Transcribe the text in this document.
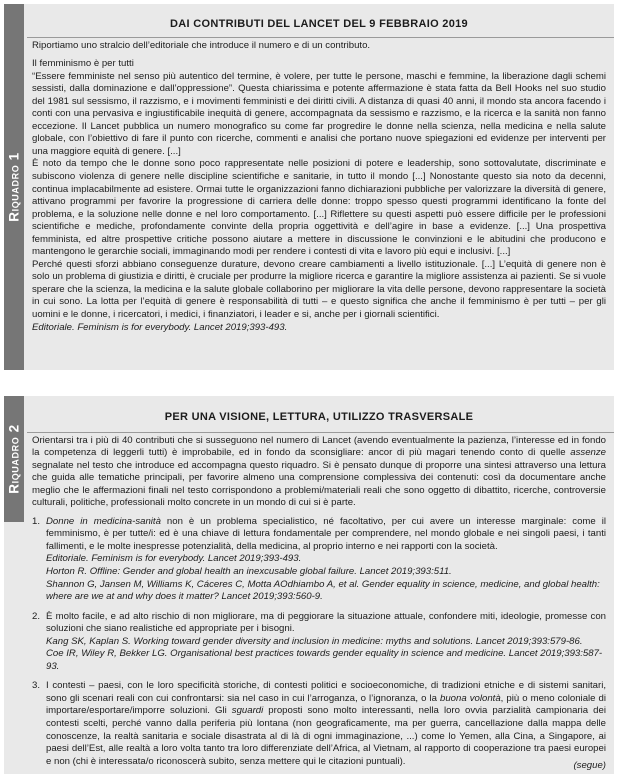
Riquadro 1

DAI CONTRIBUTI DEL LANCET DEL 9 FEBBRAIO 2019

Riportiamo uno stralcio dell’editoriale che introduce il numero e di un contributo.

Il femminismo è per tutti

“Essere femministe nel senso più autentico del termine, è volere, per tutte le persone, maschi e femmine, la liberazione dagli schemi sessisti, dalla dominazione e dall’oppressione”. Questa chiarissima e potente affermazione è stata fatta da Bell Hooks nel suo studio del 1981 sul sessismo, il razzismo, e i movimenti femministi e dei diritti civili. A distanza di quasi 40 anni, il mondo sta ancora facendo i conti con una pervasiva e ingiustificabile inequità di genere, accompagnata da sessismo e razzismo, e la ricerca e la sanità non fanno eccezione. Il Lancet pubblica un numero monografico su come far progredire le donne nella scienza, nella medicina e nella salute globale, con l’obiettivo di fare il punto con ricerche, commenti e analisi che portano nuove spiegazioni ed evidenze per interventi per una maggiore equità di genere. [...]

È noto da tempo che le donne sono poco rappresentate nelle posizioni di potere e leadership, sono sottovalutate, discriminate e subiscono violenza di genere nelle discipline scientifiche e sanitarie, in tutto il mondo [...] Nonostante questo sia noto da decenni, continua implacabilmente ad esistere. Ormai tutte le organizzazioni fanno dichiarazioni pubbliche per valorizzare la diversità di genere, attivano programmi per favorire la progressione di carriera delle donne: troppo spesso questi programmi identificano la fonte del problema, e la soluzione nelle donne e nel loro comportamento. [...] Riflettere su questi aspetti può essere difficile per le professioni scientifiche e mediche, profondamente convinte della propria oggettività e dell’agire in base a evidenze. [...] Una prospettiva femminista, ed altre prospettive critiche possono aiutare a mettere in discussione le convinzioni e le abitudini che producono e mantengono le gerarchie sociali, immaginando modi per rendere i contesti di vita e lavoro più equi e inclusivi. [...]

Perché questi sforzi abbiano conseguenze durature, devono creare cambiamenti a livello istituzionale. [...] L’equità di genere non è solo un problema di giustizia e diritti, è cruciale per produrre la migliore ricerca e garantire la migliore assistenza ai pazienti. Se si vuole sperare che la scienza, la medicina e la salute globale collaborino per migliorare la vita delle persone, devono rappresentare la società in cui sono. La lotta per l’equità di genere è responsabilità di tutti – e questo significa che anche il femminismo è per tutti – per gli uomini e le donne, i ricercatori, i medici, i finanziatori, i leader e si, anche per i giornali scientifici.

Editoriale. Feminism is for everybody. Lancet 2019;393-493.

Riquadro 2

PER UNA VISIONE, LETTURA, UTILIZZO TRASVERSALE

Orientarsi tra i più di 40 contributi che si susseguono nel numero di Lancet (avendo eventualmente la pazienza, l’interesse ed in fondo la competenza di leggerli tutti) è improbabile, ed in fondo da sconsigliare: ancor di più magari tenendo conto di quelle assenze segnalate nel testo che introduce ed accompagna questo riquadro. Si è pensato dunque di proporre una sintesi attraverso una lettura che guida alle tematiche principali, per favorire almeno una comprensione complessiva dei contenuti: così da documentare anche meglio che le affermazioni finali nel testo corrispondono a problemi/materiali reali che sono oggetto di dibattito, ricerche, controversie culturali, politiche, professionali molto concrete in un mondo di cui si è parte.

1. Donne in medicina-sanità non è un problema specialistico, né facoltativo, per cui avere un interesse marginale: come il femminismo, è per tutte/i: ed è una chiave di lettura fondamentale per comprendere, nel mondo globale e nei singoli paesi, i tanti fallimenti, e le molte inespresse potenzialità, della medicina, al proprio interno e nei rapporti con la società.

Editoriale. Feminism is for everybody. Lancet 2019;393-493.

Horton R. Offline: Gender and global health an inexcusable global failure. Lancet 2019;393:511.

Shannon G, Jansen M, Williams K, Cáceres C, Motta AOdhiambo A, et al. Gender equality in science, medicine, and global health: where are we at and why does it matter? Lancet 2019;393:560-9.

2. È molto facile, e ad alto rischio di non migliorare, ma di peggiorare la situazione attuale, confondere miti, ideologie, promesse con soluzioni che siano realistiche ed appropriate per i bisogni.

Kang SK, Kaplan S. Working toward gender diversity and inclusion in medicine: myths and solutions. Lancet 2019;393:579-86.

Coe IR, Wiley R, Bekker LG. Organisational best practices towards gender equality in science and medicine. Lancet 2019;393:587- 93.

3. I contesti – paesi, con le loro specificità storiche, di contesti politici e socioeconomiche, di tradizioni etniche e di sistemi sanitari, sono gli scenari reali con cui confrontarsi: sia nel caso in cui l’arroganza, o l’ignoranza, o la buona volontà, più o meno coloniale di importare/esportare/imporre soluzioni. Gli sguardi proposti sono molto interessanti, nella loro ovvia parzialità campionaria dei contesti scelti, perché vanno dalla periferia più lontana (non geograficamente, ma per guerra, cancellazione dalla mappa delle conoscenze, la realtà sanitaria e sociale disastrata al di là di ogni immaginazione, ...) come lo Yemen, alla Cina, a Singapore, ai paesi dell’Est, alle realtà a loro volta tanto tra loro differenziate dell’Africa, al Vietnam, al rapporto di cooperazione tra paesi europei e non (chi è interessata/o riconoscerà subito, senza mettere qui le citazioni puntuali).	(segue)
